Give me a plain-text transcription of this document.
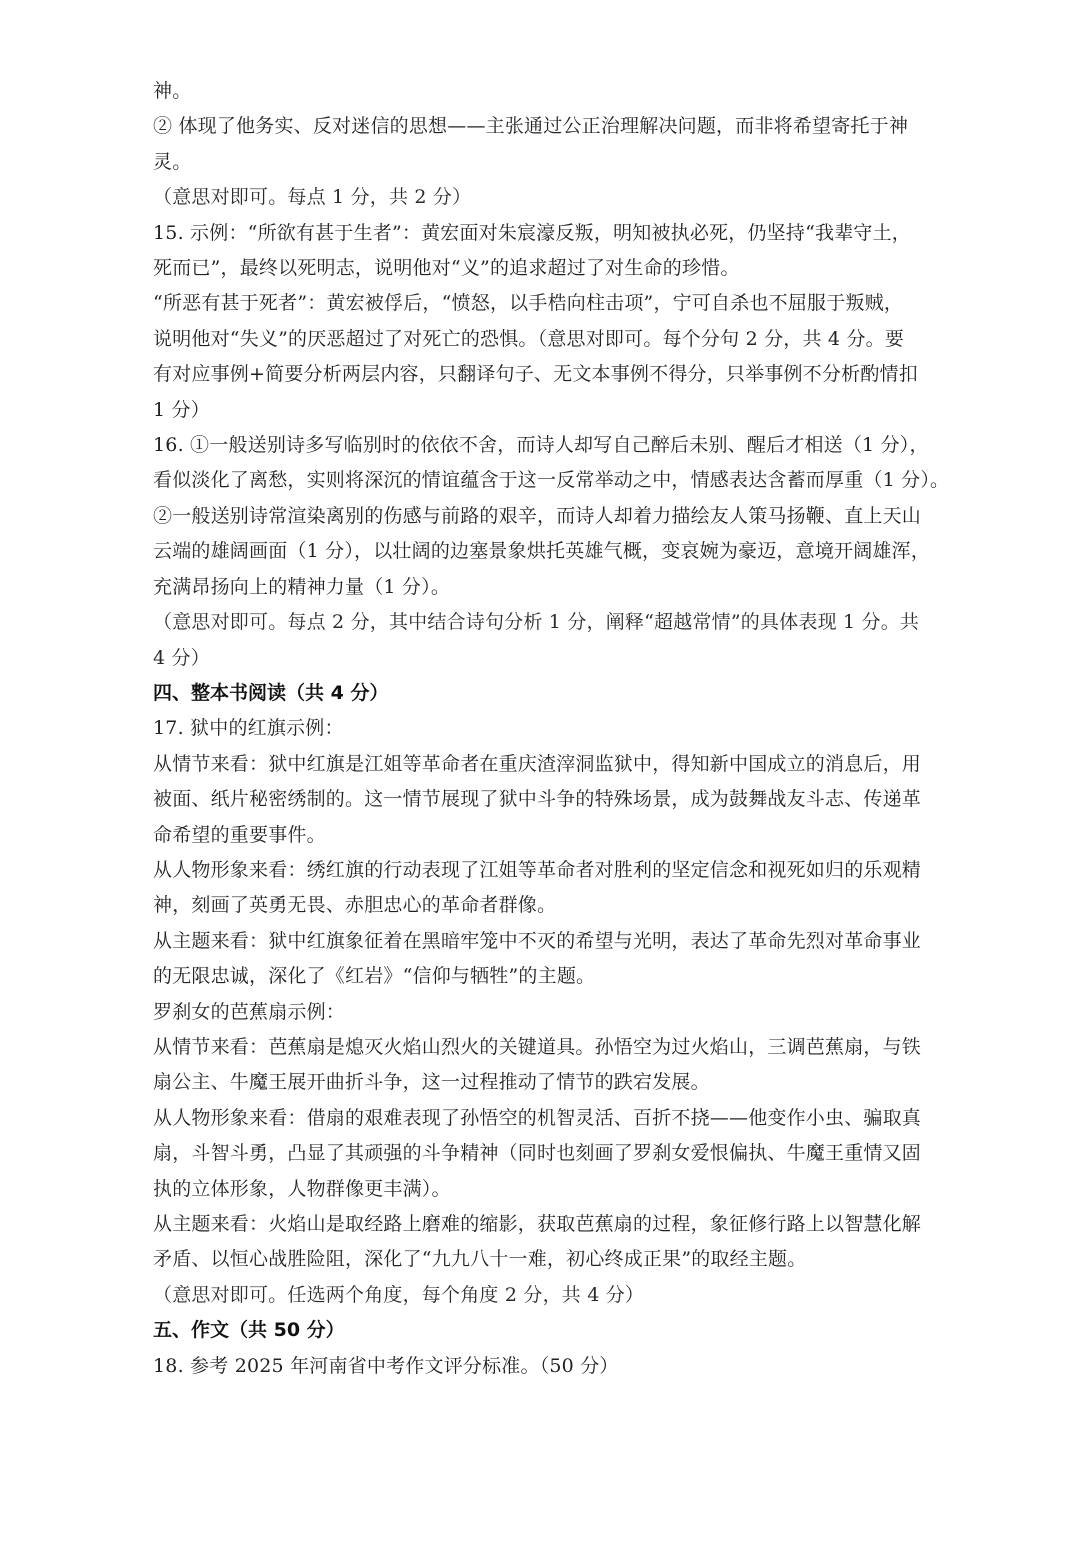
神。
② 体现了他务实、反对迷信的思想——主张通过公正治理解决问题，而非将希望寄托于神
灵。
（意思对即可。每点 1 分，共 2 分）
15. 示例：“所欲有甚于生者”：黄宏面对朱宸濠反叛，明知被执必死，仍坚持“我辈守土，
死而已”，最终以死明志，说明他对“义”的追求超过了对生命的珍惜。
“所恶有甚于死者”：黄宏被俘后，“愤怒，以手梏向柱击项”，宁可自杀也不屈服于叛贼，
说明他对“失义”的厌恶超过了对死亡的恐惧。（意思对即可。每个分句 2 分，共 4 分。要
有对应事例+简要分析两层内容，只翻译句子、无文本事例不得分，只举事例不分析酌情扣
1 分）
16. ①一般送别诗多写临别时的依依不舍，而诗人却写自己醉后未别、醒后才相送（1 分），
看似淡化了离愁，实则将深沉的情谊蕴含于这一反常举动之中，情感表达含蓄而厚重（1 分）。
②一般送别诗常渲染离别的伤感与前路的艰辛，而诗人却着力描绘友人策马扬鞭、直上天山
云端的雄阔画面（1 分），以壮阔的边塞景象烘托英雄气概，变哀婉为豪迈，意境开阔雄浑，
充满昂扬向上的精神力量（1 分）。
（意思对即可。每点 2 分，其中结合诗句分析 1 分，阐释“超越常情”的具体表现 1 分。共
4 分）
四、整本书阅读（共 4 分）
17. 狱中的红旗示例：
从情节来看：狱中红旗是江姐等革命者在重庆渣滓洞监狱中，得知新中国成立的消息后，用
被面、纸片秘密绣制的。这一情节展现了狱中斗争的特殊场景，成为鼓舞战友斗志、传递革
命希望的重要事件。
从人物形象来看：绣红旗的行动表现了江姐等革命者对胜利的坚定信念和视死如归的乐观精
神，刻画了英勇无畏、赤胆忠心的革命者群像。
从主题来看：狱中红旗象征着在黑暗牢笼中不灭的希望与光明，表达了革命先烈对革命事业
的无限忠诚，深化了《红岩》“信仰与牺牲”的主题。
罗刹女的芭蕉扇示例：
从情节来看：芭蕉扇是熄灭火焰山烈火的关键道具。孙悟空为过火焰山，三调芭蕉扇，与铁
扇公主、牛魔王展开曲折斗争，这一过程推动了情节的跌宕发展。
从人物形象来看：借扇的艰难表现了孙悟空的机智灵活、百折不挠——他变作小虫、骗取真
扇，斗智斗勇，凸显了其顽强的斗争精神（同时也刻画了罗刹女爱恨偏执、牛魔王重情又固
执的立体形象，人物群像更丰满）。
从主题来看：火焰山是取经路上磨难的缩影，获取芭蕉扇的过程，象征修行路上以智慧化解
矛盾、以恒心战胜险阻，深化了“九九八十一难，初心终成正果”的取经主题。
（意思对即可。任选两个角度，每个角度 2 分，共 4 分）
五、作文（共 50 分）
18. 参考 2025 年河南省中考作文评分标准。（50 分）
